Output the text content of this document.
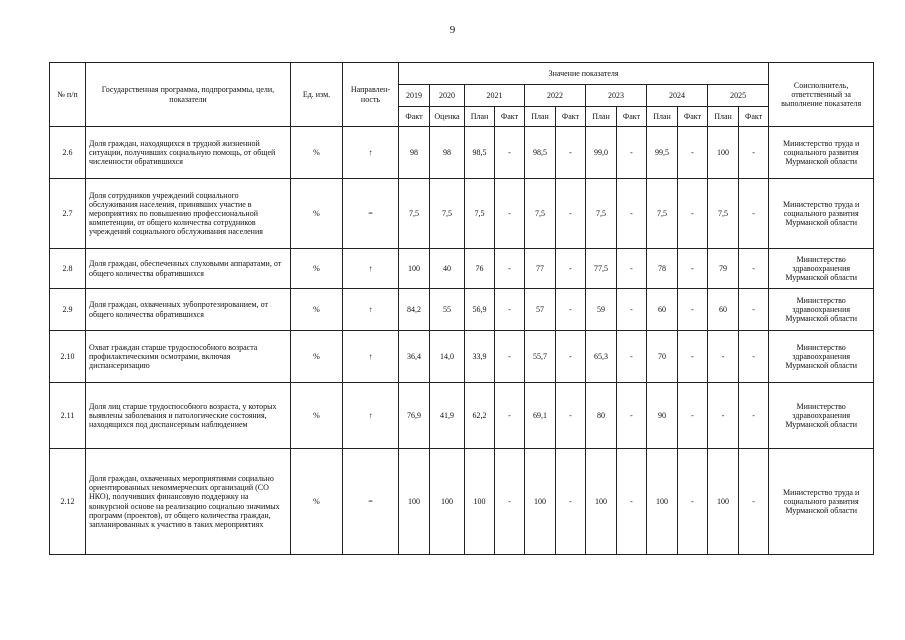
9
№ п/п	Государственная программа, подпрограммы, цели, показатели	Ед. изм.	Направлен-ность	Значение показателя												Соисполнитель, ответственный за выполнение показателя
				2019	2020	2021		2022		2023		2024		2025		
				Факт	Оценка	План	Факт	План	Факт	План	Факт	План	Факт	План	Факт	
2.6	Доля граждан, находящихся в трудной жизненной ситуации, получивших социальную помощь, от общей численности обратившихся	%	↑	98	98	98,5	-	98,5	-	99,0	-	99,5	-	100	-	Министерство труда и социального развития Мурманской области
2.7	Доля сотрудников учреждений социального обслуживания населения, принявших участие в мероприятиях по повышению профессиональной компетенции, от общего количества сотрудников учреждений социального обслуживания населения	%	=	7,5	7,5	7,5	-	7,5	-	7,5	-	7,5	-	7,5	-	Министерство труда и социального развития Мурманской области
2.8	Доля граждан, обеспеченных слуховыми аппаратами, от общего количества обратившихся	%	↑	100	40	76	-	77	-	77,5	-	78	-	79	-	Министерство здравоохранения Мурманской области
2.9	Доля граждан, охваченных зубопротезированием, от общего количества обратившихся	%	↑	84,2	55	56,9	-	57	-	59	-	60	-	60	-	Министерство здравоохранения Мурманской области
2.10	Охват граждан старше трудоспособного возраста профилактическими осмотрами, включая диспансеризацию	%	↑	36,4	14,0	33,9	-	55,7	-	65,3	-	70	-	-	-	Министерство здравоохранения Мурманской области
2.11	Доля лиц старше трудоспособного возраста, у которых выявлены заболевания и патологические состояния, находящихся под диспансерным наблюдением	%	↑	76,9	41,9	62,2	-	69,1	-	80	-	90	-	-	-	Министерство здравоохранения Мурманской области
2.12	Доля граждан, охваченных мероприятиями социально ориентированных некоммерческих организаций (СО НКО), получивших финансовую поддержку на конкурсной основе на реализацию социально значимых программ (проектов), от общего количества граждан, запланированных к участию в таких мероприятиях	%	=	100	100	100	-	100	-	100	-	100	-	100	-	Министерство труда и социального развития Мурманской области
